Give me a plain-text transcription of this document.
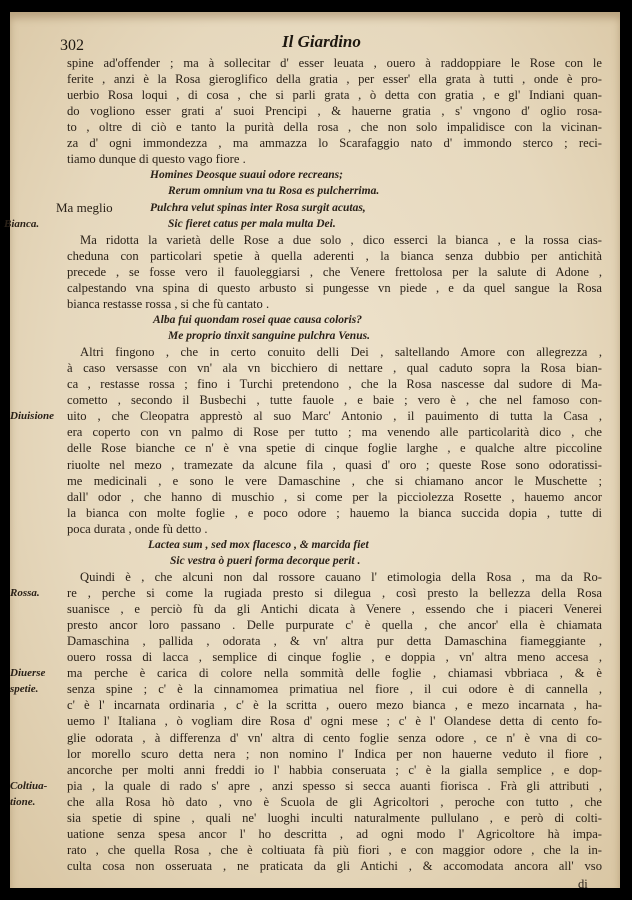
302	Il Giardino
spine ad'offender ; ma à sollecitar d' esser leuata , ouero à raddoppiare le Rose con le
ferite , anzi è la Rosa gieroglifico della gratia , per esser' ella grata à tutti , onde è pro-
uerbio Rosa loqui , di cosa , che si parli grata , ò detta con gratia , e gl' Indiani quan-
do vogliono esser grati a' suoi Prencipi , & hauerne gratia , s' vngono d' oglio rosa-
to , oltre di ciò e tanto la purità della rosa , che non solo impalidisce con la vicinan-
za d' ogni immondezza , ma ammazza lo Scarafaggio nato d' immondo sterco ; reci-
tiamo dunque di questo vago fiore .
Homines Deosque suaui odore recreans;
Rerum omnium vna tu Rosa es pulcherrima.
Ma meglio	Pulchra velut spinas inter Rosa surgit acutas,
Bianca.	Sic fieret catus per mala multa Dei.
Ma ridotta la varietà delle Rose a due solo , dico esserci la bianca , e la rossa cias-
cheduna con particolari spetie à quella aderenti , la bianca senza dubbio per antichità
precede , se fosse vero il fauoleggiarsi , che Venere frettolosa per la salute di Adone ,
calpestando vna spina di questo arbusto si pungesse vn piede , e da quel sangue la Rosa
bianca restasse rossa , si che fù cantato .
Alba fui quondam rosei quae causa coloris?
Me proprio tinxit sanguine pulchra Venus.
Altri fingono , che in certo conuito delli Dei , saltellando Amore con allegrezza ,
à caso versasse con vn' ala vn bicchiero di nettare , qual caduto sopra la Rosa bian-
ca , restasse rossa ; fino i Turchi pretendono , che la Rosa nascesse dal sudore di Ma-
cometto , secondo il Busbechi , tutte fauole , e baie ; vero è , che nel famoso con-
Diuisione uito , che Cleopatra apprestò al suo Marc' Antonio , il pauimento di tutta la Casa ,
era coperto con vn palmo di Rose per tutto ; ma venendo alle particolarità dico , che
delle Rose bianche ce n' è vna spetie di cinque foglie larghe , e qualche altre piccoline
riuolte nel mezo , tramezate da alcune fila , quasi d' oro ; queste Rose sono odoratissi-
me medicinali , e sono le vere Damaschine , che si chiamano ancor le Muschette ;
dall' odor , che hanno di muschio , si come per la picciolezza Rosette , hauemo ancor
la bianca con molte foglie , e poco odore ; hauemo la bianca succida dopia , tutte di
poca durata , onde fù detto .
Lactea sum , sed mox flacesco , & marcida fiet
Sic vestra ò pueri forma decorque perit .
Quindi è , che alcuni non dal rossore cauano l' etimologia della Rosa , ma da Ro-
Rossa. re , perche si come la rugiada presto si dilegua , così presto la bellezza della Rosa
suanisce , e perciò fù da gli Antichi dicata à Venere , essendo che i piaceri Venerei
presto ancor loro passano . Delle purpurate c' è quella , che ancor' ella è chiamata
Damaschina , pallida , odorata , & vn' altra pur detta Damaschina fiameggiante ,
ouero rossa di lacca , semplice di cinque foglie , e doppia , vn' altra meno accesa ,
Diuerse ma perche è carica di colore nella sommità delle foglie , chiamasi vbbriaca , & è
spetie. senza spine ; c' è la cinnamomea primatiua nel fiore , il cui odore è di cannella ,
c' è l' incarnata ordinaria , c' è la scritta , ouero mezo bianca , e mezo incarnata , ha-
uemo l' Italiana , ò vogliam dire Rosa d' ogni mese ; c' è l' Olandese detta di cento fo-
glie odorata , à differenza d' vn' altra di cento foglie senza odore , ce n' è vna di co-
lor morello scuro detta nera ; non nomino l' Indica per non hauerne veduto il fiore ,
ancorche per molti anni freddi io l' habbia conseruata ; c' è la gialla semplice , e dop-
Coltiua- pia , la quale di rado s' apre , anzi spesso si secca auanti fiorisca . Frà gli attributi ,
tione.	che alla Rosa hò dato , vno è Scuola de gli Agricoltori , peroche con tutto , che
sia spetie di spine , quali ne' luoghi inculti naturalmente pullulano , e però di colti-
uatione senza spesa ancor l' ho descritta , ad ogni modo l' Agricoltore hà impa-
rato , che quella Rosa , che è coltiuata fà più fiori , e con maggior odore , che la in-
culta cosa non osseruata , ne praticata da gli Antichi , & accomodata ancora all' vso
di
